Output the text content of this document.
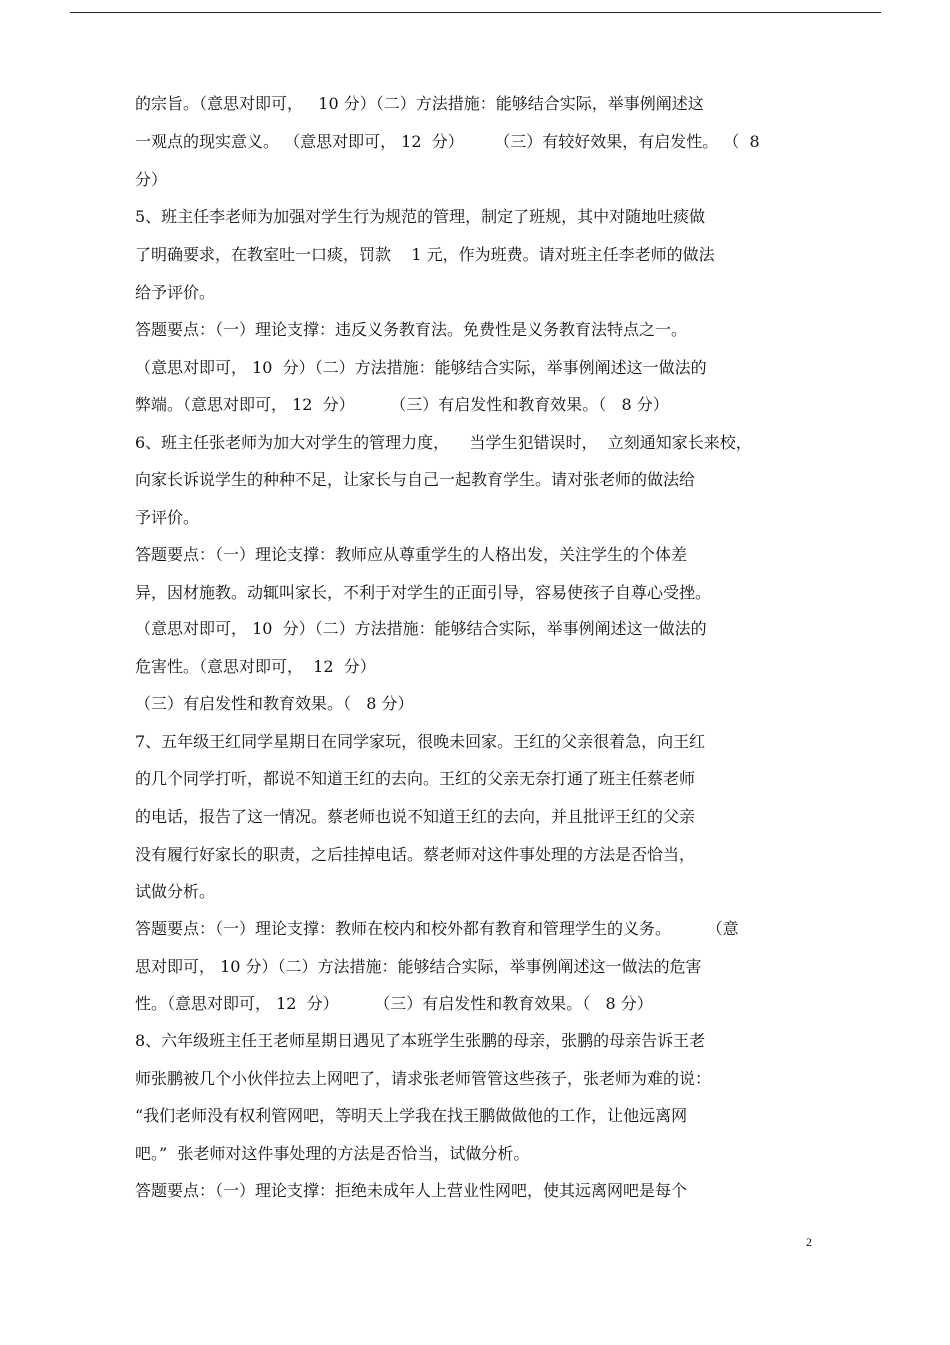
的宗旨。（意思对即可，   10 分）（二）方法措施：能够结合实际，举事例阐述这
一观点的现实意义。 （意思对即可， 12  分）      （三）有较好效果，有启发性。 （  8
分）
5、班主任李老师为加强对学生行为规范的管理，制定了班规，其中对随地吐痰做
了明确要求，在教室吐一口痰，罚款    1 元，作为班费。请对班主任李老师的做法
给予评价。
答题要点：（一）理论支撑：违反义务教育法。免费性是义务教育法特点之一。
（意思对即可， 10  分）（二）方法措施：能够结合实际，举事例阐述这一做法的
弊端。（意思对即可， 12  分）       （三）有启发性和教育效果。（   8 分）
6、班主任张老师为加大对学生的管理力度，    当学生犯错误时，  立刻通知家长来校，
向家长诉说学生的种种不足，让家长与自己一起教育学生。请对张老师的做法给
予评价。
答题要点：（一）理论支撑：教师应从尊重学生的人格出发，关注学生的个体差
异，因材施教。动辄叫家长，不利于对学生的正面引导，容易使孩子自尊心受挫。
（意思对即可， 10  分）（二）方法措施：能够结合实际，举事例阐述这一做法的
危害性。（意思对即可，  12  分）
（三）有启发性和教育效果。（   8 分）
7、五年级王红同学星期日在同学家玩，很晚未回家。王红的父亲很着急，向王红
的几个同学打听，都说不知道王红的去向。王红的父亲无奈打通了班主任蔡老师
的电话，报告了这一情况。蔡老师也说不知道王红的去向，并且批评王红的父亲
没有履行好家长的职责，之后挂掉电话。蔡老师对这件事处理的方法是否恰当，
试做分析。
答题要点：（一）理论支撑：教师在校内和校外都有教育和管理学生的义务。       （意
思对即可， 10 分）（二）方法措施：能够结合实际，举事例阐述这一做法的危害
性。（意思对即可， 12  分）       （三）有启发性和教育效果。（   8 分）
8、六年级班主任王老师星期日遇见了本班学生张鹏的母亲，张鹏的母亲告诉王老
师张鹏被几个小伙伴拉去上网吧了，请求张老师管管这些孩子，张老师为难的说：
“我们老师没有权利管网吧，等明天上学我在找王鹏做做他的工作，让他远离网
吧。”  张老师对这件事处理的方法是否恰当，试做分析。
答题要点：（一）理论支撑：拒绝未成年人上营业性网吧，使其远离网吧是每个
2
